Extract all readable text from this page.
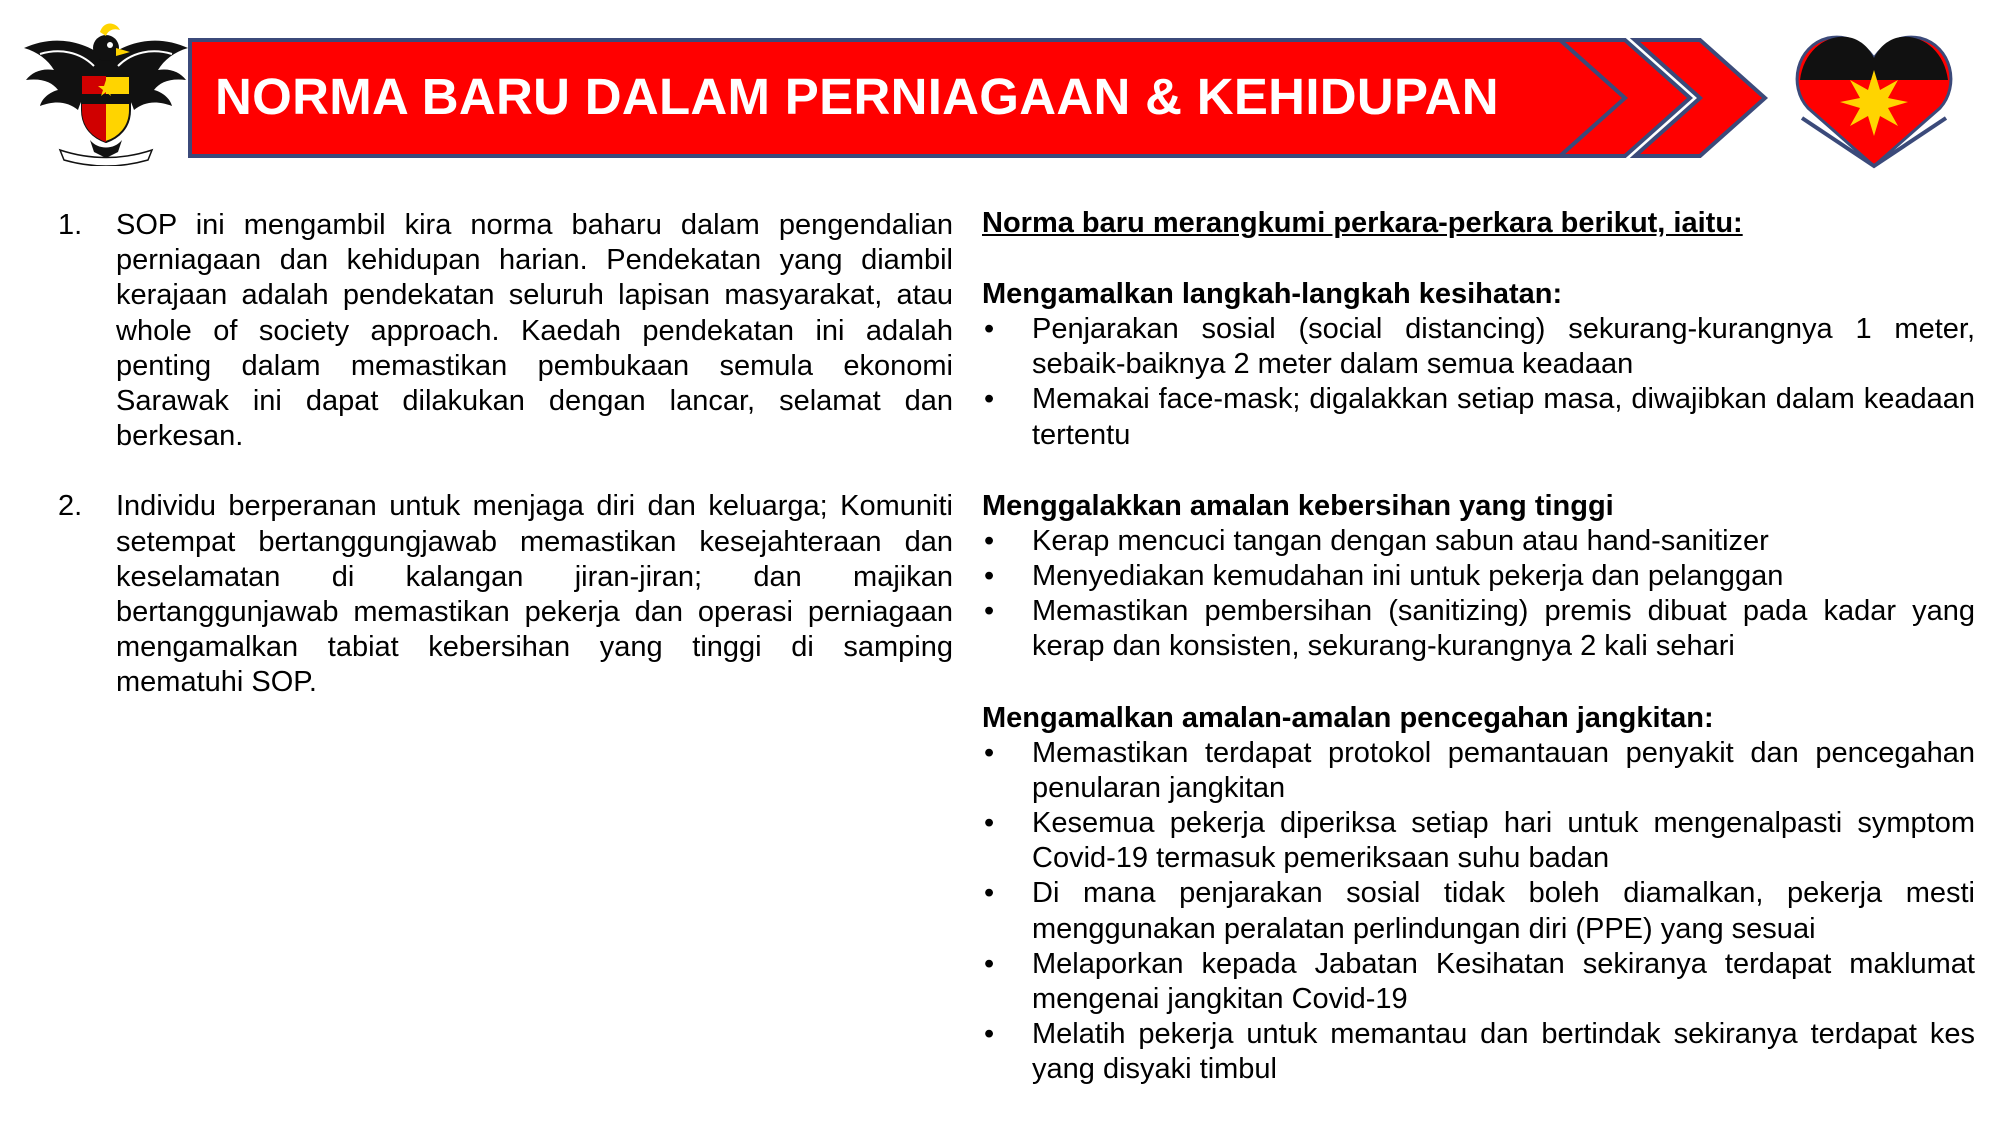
NORMA BARU DALAM PERNIAGAAN & KEHIDUPAN
1.	SOP ini mengambil kira norma baharu dalam pengendalian perniagaan dan kehidupan harian. Pendekatan yang diambil kerajaan adalah pendekatan seluruh lapisan masyarakat, atau whole of society approach. Kaedah pendekatan ini adalah penting dalam memastikan pembukaan semula ekonomi Sarawak ini dapat dilakukan dengan lancar, selamat dan berkesan.
2.	Individu berperanan untuk menjaga diri dan keluarga; Komuniti setempat bertanggungjawab memastikan kesejahteraan dan keselamatan di kalangan jiran-jiran; dan majikan bertanggunjawab memastikan pekerja dan operasi perniagaan mengamalkan tabiat kebersihan yang tinggi di samping mematuhi SOP.
Norma baru merangkumi perkara-perkara berikut, iaitu:
Mengamalkan langkah-langkah kesihatan:
•	Penjarakan sosial (social distancing) sekurang-kurangnya 1 meter, sebaik-baiknya 2 meter dalam semua keadaan
•	Memakai face-mask; digalakkan setiap masa, diwajibkan dalam keadaan tertentu
Menggalakkan amalan kebersihan yang tinggi
•	Kerap mencuci tangan dengan sabun atau hand-sanitizer
•	Menyediakan kemudahan ini untuk pekerja dan pelanggan
•	Memastikan pembersihan (sanitizing) premis dibuat pada kadar yang kerap dan konsisten, sekurang-kurangnya 2 kali sehari
Mengamalkan amalan-amalan pencegahan jangkitan:
•	Memastikan terdapat protokol pemantauan penyakit dan pencegahan penularan jangkitan
•	Kesemua pekerja diperiksa setiap hari untuk mengenalpasti symptom Covid-19 termasuk pemeriksaan suhu badan
•	Di mana penjarakan sosial tidak boleh diamalkan, pekerja mesti menggunakan peralatan perlindungan diri (PPE) yang sesuai
•	Melaporkan kepada Jabatan Kesihatan sekiranya terdapat maklumat mengenai jangkitan Covid-19
•	Melatih pekerja untuk memantau dan bertindak sekiranya terdapat kes yang disyaki timbul
